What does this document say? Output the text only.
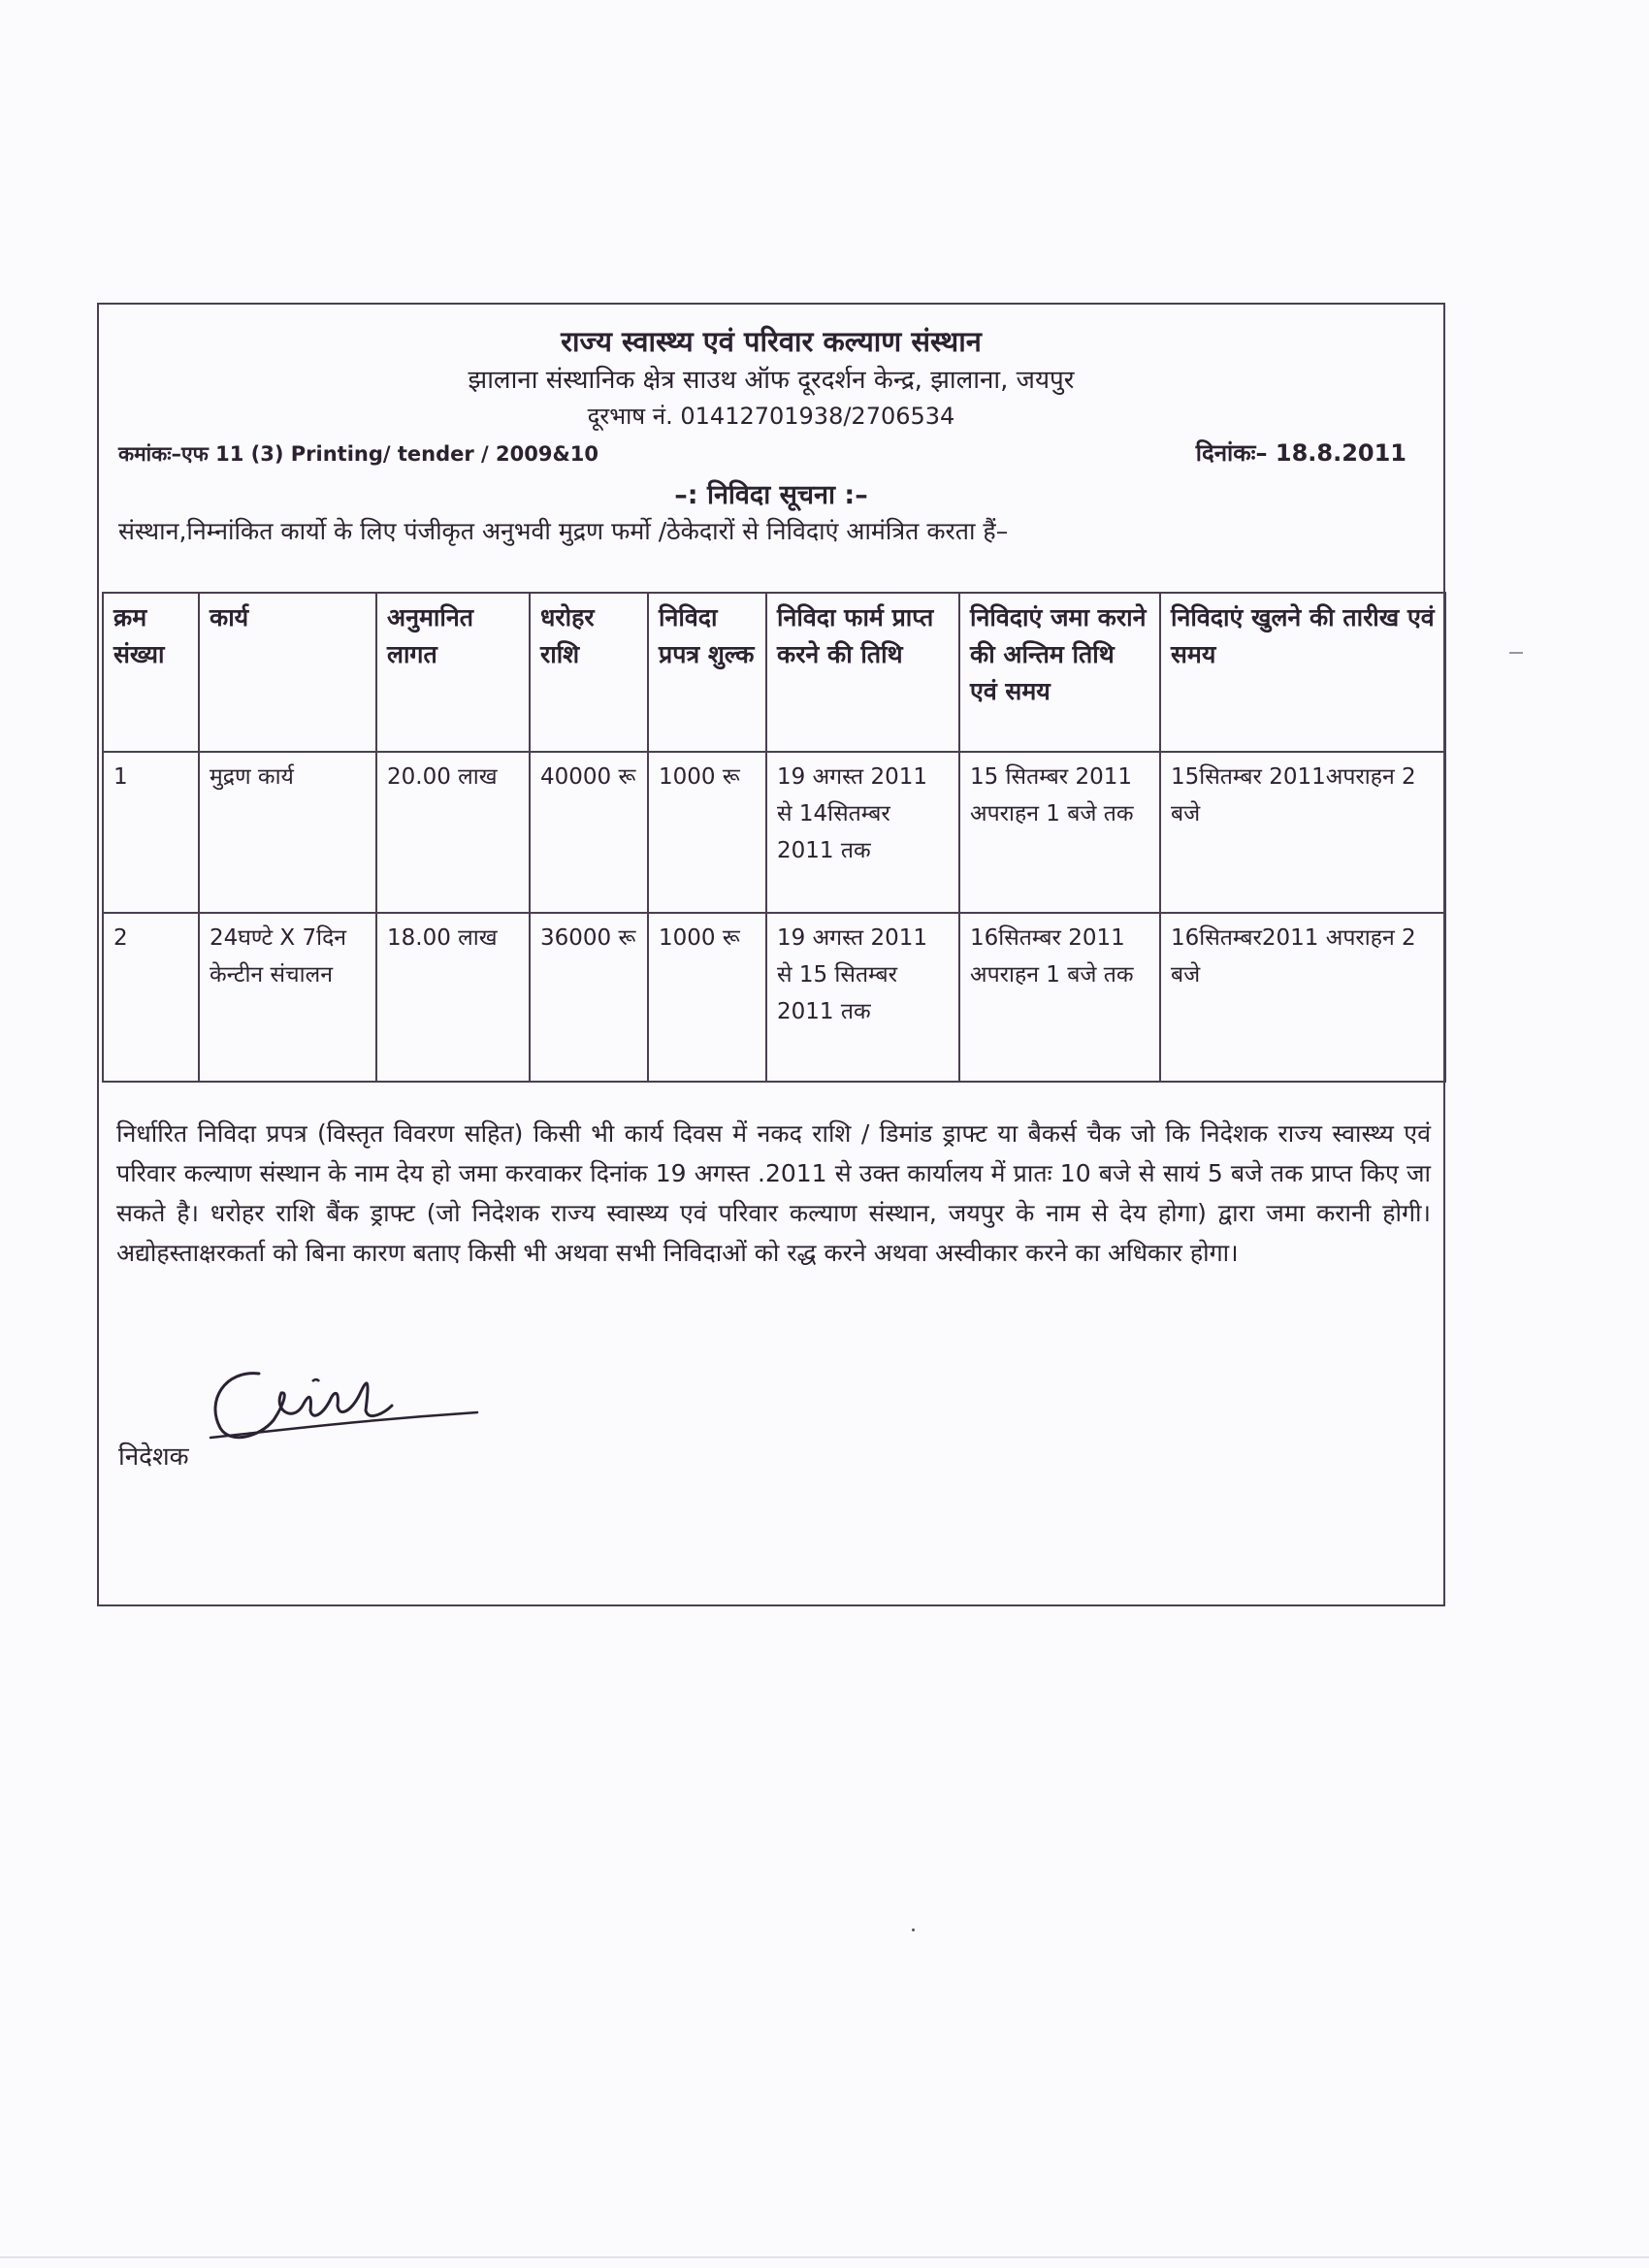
राज्य स्वास्थ्य एवं परिवार कल्याण संस्थान
झालाना संस्थानिक क्षेत्र साउथ ऑफ दूरदर्शन केन्द्र, झालाना, जयपुर
दूरभाष नं. 01412701938/2706534
कमांकः–एफ 11 (3) Printing/ tender / 2009&10	दिनांकः– 18.8.2011
–: निविदा सूचना :–
संस्थान,निम्नांकित कार्यो के लिए पंजीकृत अनुभवी मुद्रण फर्मो /ठेकेदारों से निविदाएं आमंत्रित करता हैं–
क्रम संख्या	कार्य	अनुमानित लागत	धरोहर राशि	निविदा प्रपत्र शुल्क	निविदा फार्म प्राप्त करने की तिथि	निविदाएं जमा कराने की अन्तिम तिथि एवं समय	निविदाएं खुलने की तारीख एवं समय
1	मुद्रण कार्य	20.00 लाख	40000 रू	1000 रू	19 अगस्त 2011 से 14सितम्बर 2011 तक	15 सितम्बर 2011 अपराहन 1 बजे तक	15सितम्बर 2011अपराहन 2 बजे
2	24घण्टे X 7दिन केन्टीन संचालन	18.00 लाख	36000 रू	1000 रू	19 अगस्त 2011 से 15 सितम्बर 2011 तक	16सितम्बर 2011 अपराहन 1 बजे तक	16सितम्बर2011 अपराहन 2 बजे
निर्धारित निविदा प्रपत्र (विस्तृत विवरण सहित) किसी भी कार्य दिवस में नकद राशि / डिमांड ड्राफ्ट या बैकर्स चैक जो कि निदेशक राज्य स्वास्थ्य एवं परिवार कल्याण संस्थान के नाम देय हो जमा करवाकर दिनांक 19 अगस्त .2011 से उक्त कार्यालय में प्रातः 10 बजे से सायं 5 बजे तक प्राप्त किए जा सकते है। धरोहर राशि बैंक ड्राफ्ट (जो निदेशक राज्य स्वास्थ्य एवं परिवार कल्याण संस्थान, जयपुर के नाम से देय होगा) द्वारा जमा करानी होगी। अद्योहस्ताक्षरकर्ता को बिना कारण बताए किसी भी अथवा सभी निविदाओं को रद्ध करने अथवा अस्वीकार करने का अधिकार होगा।
निदेशक
